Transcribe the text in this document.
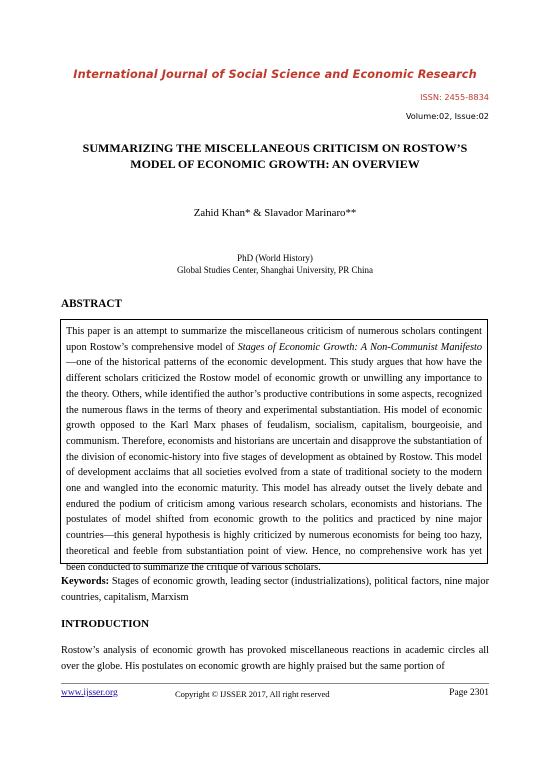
International Journal of Social Science and Economic Research
ISSN: 2455-8834
Volume:02, Issue:02
SUMMARIZING THE MISCELLANEOUS CRITICISM ON ROSTOW’S MODEL OF ECONOMIC GROWTH: AN OVERVIEW
Zahid Khan* & Slavador Marinaro**
PhD (World History)
Global Studies Center, Shanghai University, PR China
ABSTRACT
This paper is an attempt to summarize the miscellaneous criticism of numerous scholars contingent upon Rostow’s comprehensive model of Stages of Economic Growth: A Non-Communist Manifesto—one of the historical patterns of the economic development. This study argues that how have the different scholars criticized the Rostow model of economic growth or unwilling any importance to the theory. Others, while identified the author’s productive contributions in some aspects, recognized the numerous flaws in the terms of theory and experimental substantiation. His model of economic growth opposed to the Karl Marx phases of feudalism, socialism, capitalism, bourgeoisie, and communism. Therefore, economists and historians are uncertain and disapprove the substantiation of the division of economic-history into five stages of development as obtained by Rostow. This model of development acclaims that all societies evolved from a state of traditional society to the modern one and wangled into the economic maturity. This model has already outset the lively debate and endured the podium of criticism among various research scholars, economists and historians. The postulates of model shifted from economic growth to the politics and practiced by nine major countries—this general hypothesis is highly criticized by numerous economists for being too hazy, theoretical and feeble from substantiation point of view. Hence, no comprehensive work has yet been conducted to summarize the critique of various scholars.
Keywords: Stages of economic growth, leading sector (industrializations), political factors, nine major countries, capitalism, Marxism
INTRODUCTION
Rostow’s analysis of economic growth has provoked miscellaneous reactions in academic circles all over the globe. His postulates on economic growth are highly praised but the same portion of
www.ijsser.org	Copyright © IJSSER 2017, All right reserved	Page 2301
